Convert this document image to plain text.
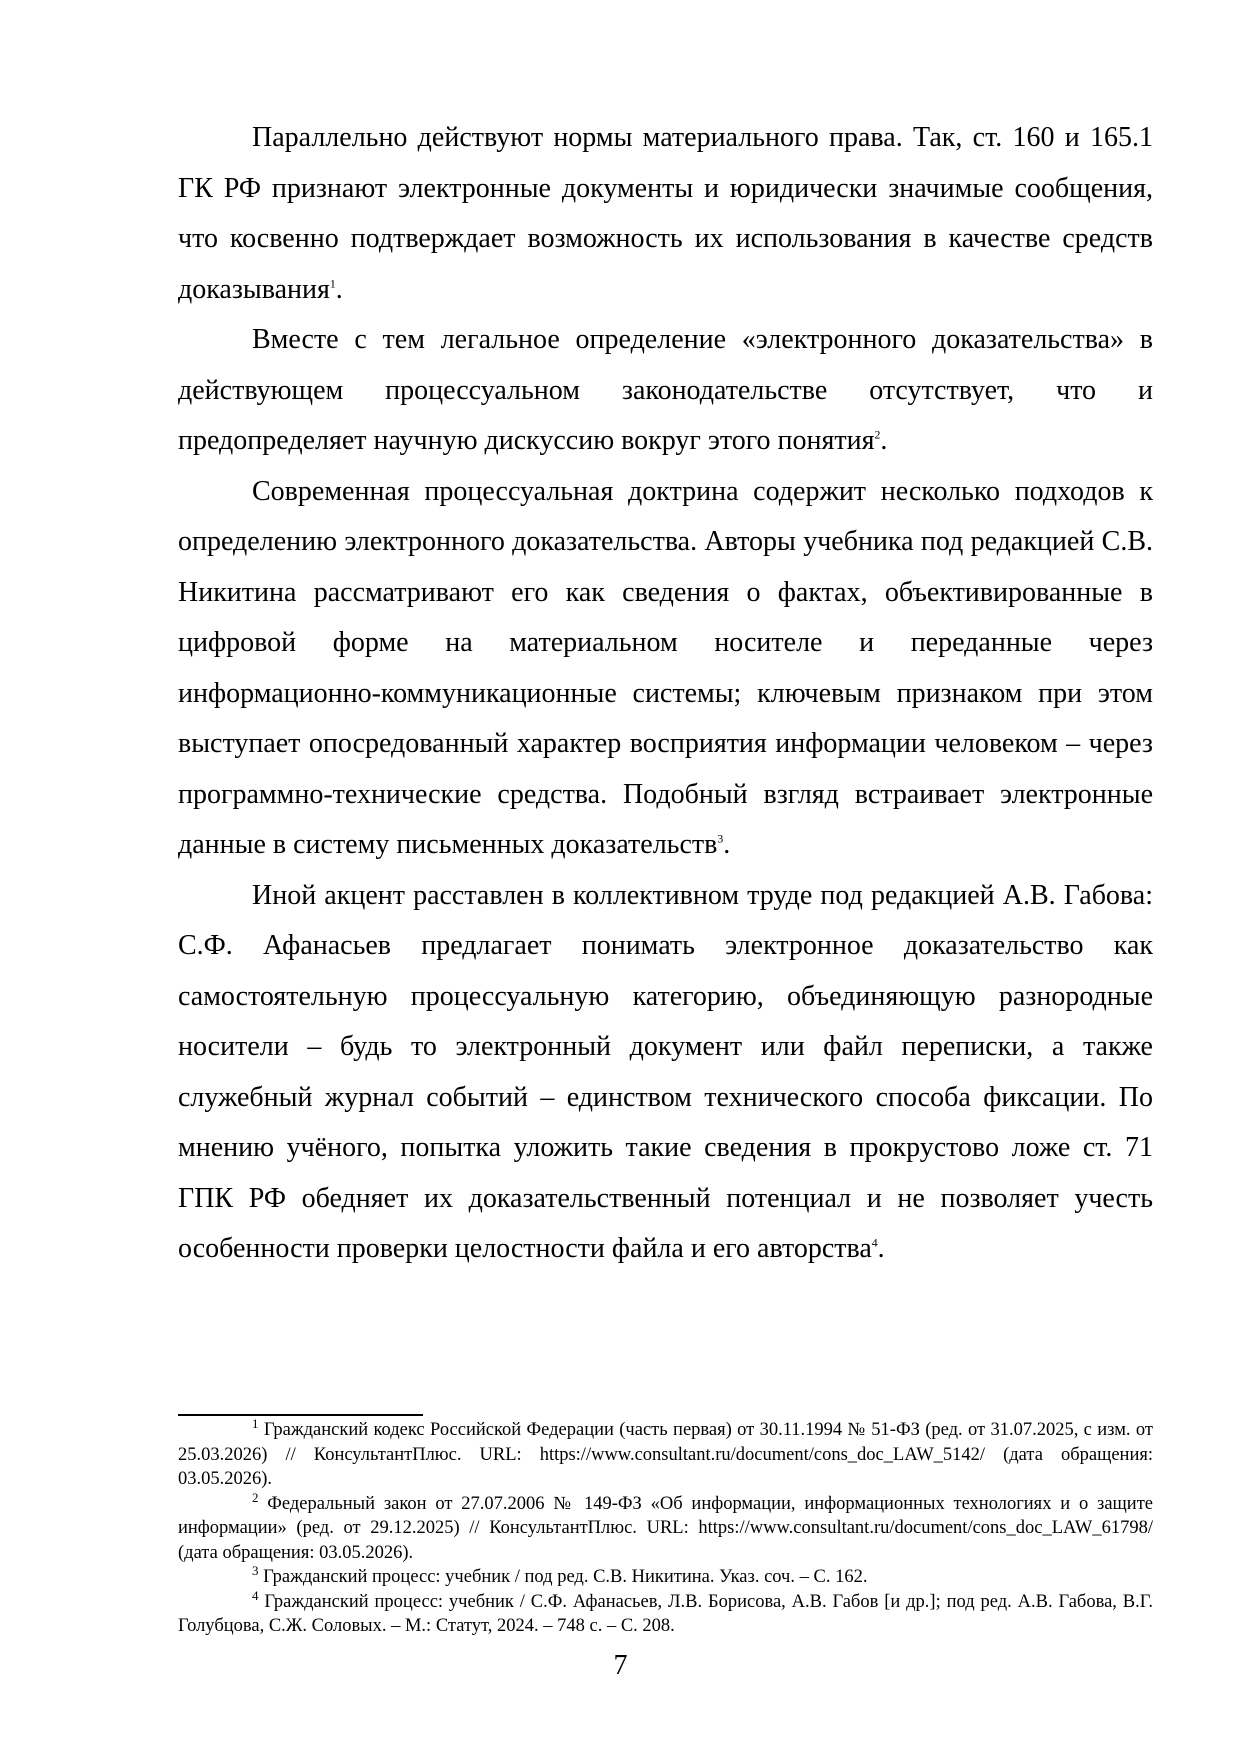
Параллельно действуют нормы материального права. Так, ст. 160 и 165.1 ГК РФ признают электронные документы и юридически значимые сообщения, что косвенно подтверждает возможность их использования в качестве средств доказывания$^1$.

Вместе с тем легальное определение «электронного доказательства» в действующем процессуальном законодательстве отсутствует, что и предопределяет научную дискуссию вокруг этого понятия$^2$.

Современная процессуальная доктрина содержит несколько подходов к определению электронного доказательства. Авторы учебника под редакцией С.В. Никитина рассматривают его как сведения о фактах, объективированные в цифровой форме на материальном носителе и переданные через информационно-коммуникационные системы; ключевым признаком при этом выступает опосредованный характер восприятия информации человеком – через программно-технические средства. Подобный взгляд встраивает электронные данные в систему письменных доказательств$^3$.

Иной акцент расставлен в коллективном труде под редакцией А.В. Габова: С.Ф. Афанасьев предлагает понимать электронное доказательство как самостоятельную процессуальную категорию, объединяющую разнородные носители – будь то электронный документ или файл переписки, а также служебный журнал событий – единством технического способа фиксации. По мнению учёного, попытка уложить такие сведения в прокрустово ложе ст. 71 ГПК РФ обедняет их доказательственный потенциал и не позволяет учесть особенности проверки целостности файла и его авторства$^4$.

$^1$ Гражданский кодекс Российской Федерации (часть первая) от 30.11.1994 № 51-ФЗ (ред. от 31.07.2025, с изм. от 25.03.2026) // КонсультантПлюс. URL: https://www.consultant.ru/document/cons_doc_LAW_5142/ (дата обращения: 03.05.2026).

$^2$ Федеральный закон от 27.07.2006 № 149-ФЗ «Об информации, информационных технологиях и о защите информации» (ред. от 29.12.2025) // КонсультантПлюс. URL: https://www.consultant.ru/document/cons_doc_LAW_61798/ (дата обращения: 03.05.2026).

$^3$ Гражданский процесс: учебник / под ред. С.В. Никитина. Указ. соч. – С. 162.

$^4$ Гражданский процесс: учебник / С.Ф. Афанасьев, Л.В. Борисова, А.В. Габов [и др.]; под ред. А.В. Габова, В.Г. Голубцова, С.Ж. Соловых. – М.: Статут, 2024. – 748 с. – С. 208.

7
